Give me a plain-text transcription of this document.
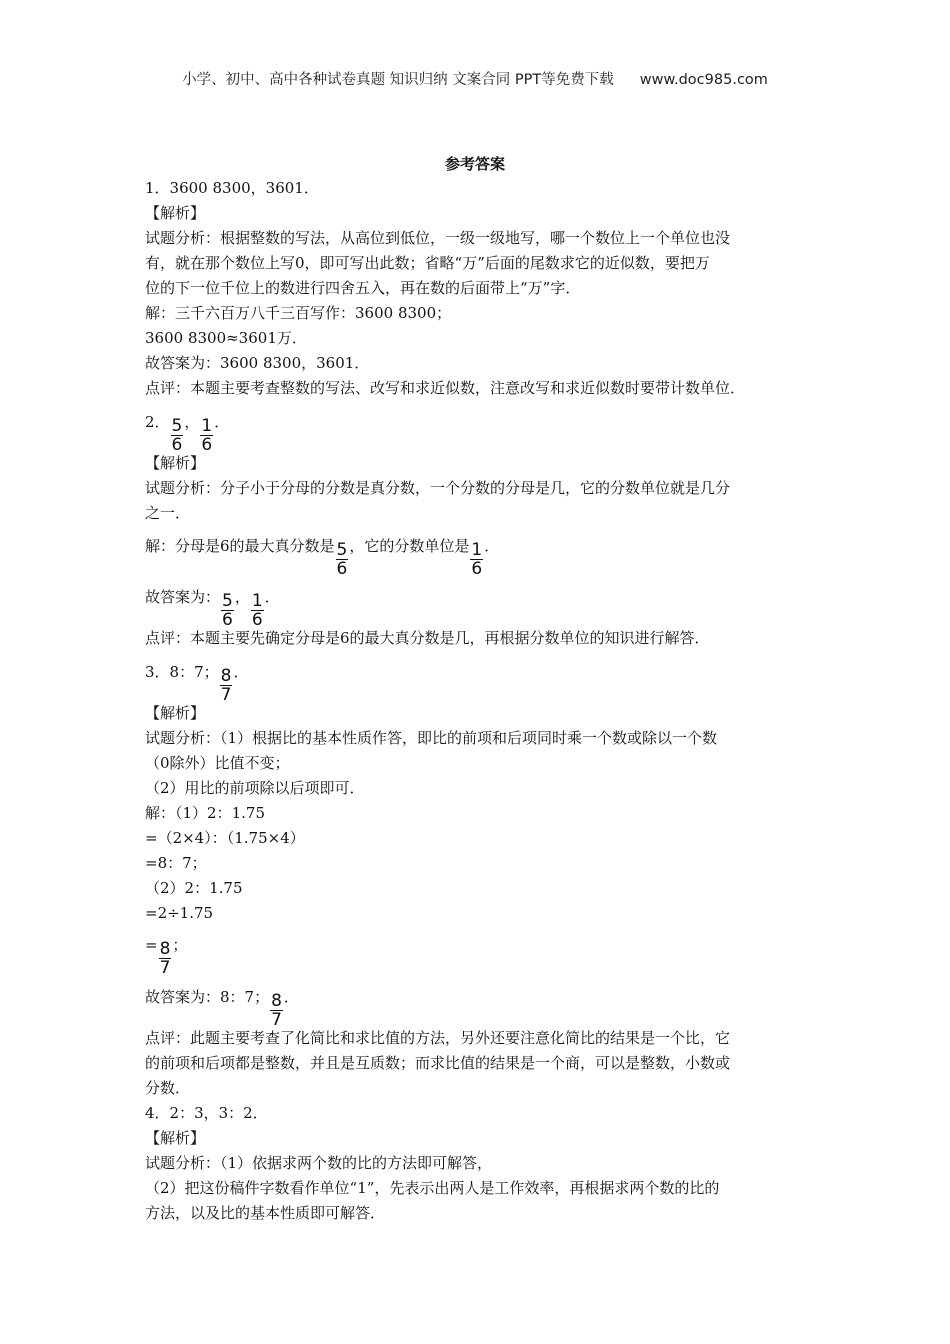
小学、初中、高中各种试卷真题 知识归纳 文案合同 PPT等免费下载 www.doc985.com
参考答案
1．3600 8300，3601．
【解析】
试题分析：根据整数的写法，从高位到低位，一级一级地写，哪一个数位上一个单位也没
有，就在那个数位上写0，即可写出此数；省略“万”后面的尾数求它的近似数，要把万
位的下一位千位上的数进行四舍五入，再在数的后面带上“万”字．
解：三千六百万八千三百写作：3600 8300；
3600 8300≈3601万．
故答案为：3600 8300，3601．
点评：本题主要考查整数的写法、改写和求近似数，注意改写和求近似数时要带计数单位．
2． $\frac{5}{6}$ ， $\frac{1}{6}$ ．
【解析】
试题分析：分子小于分母的分数是真分数，一个分数的分母是几，它的分数单位就是几分
之一．
解：分母是6的最大真分数是 $\frac{5}{6}$ ，它的分数单位是 $\frac{1}{6}$ ．
故答案为： $\frac{5}{6}$ ， $\frac{1}{6}$ ．
点评：本题主要先确定分母是6的最大真分数是几，再根据分数单位的知识进行解答．
3．8：7； $\frac{8}{7}$ ．
【解析】
试题分析：（1）根据比的基本性质作答，即比的前项和后项同时乘一个数或除以一个数
（0除外）比值不变；
（2）用比的前项除以后项即可．
解：（1）2：1.75
=（2×4）：（1.75×4）
=8：7；
（2）2：1.75
=2÷1.75
= $\frac{8}{7}$ ；
故答案为：8：7； $\frac{8}{7}$ ．
点评：此题主要考查了化简比和求比值的方法，另外还要注意化简比的结果是一个比，它
的前项和后项都是整数，并且是互质数；而求比值的结果是一个商，可以是整数，小数或
分数．
4．2：3，3：2．
【解析】
试题分析：（1）依据求两个数的比的方法即可解答，
（2）把这份稿件字数看作单位“1”，先表示出两人是工作效率，再根据求两个数的比的
方法，以及比的基本性质即可解答．
